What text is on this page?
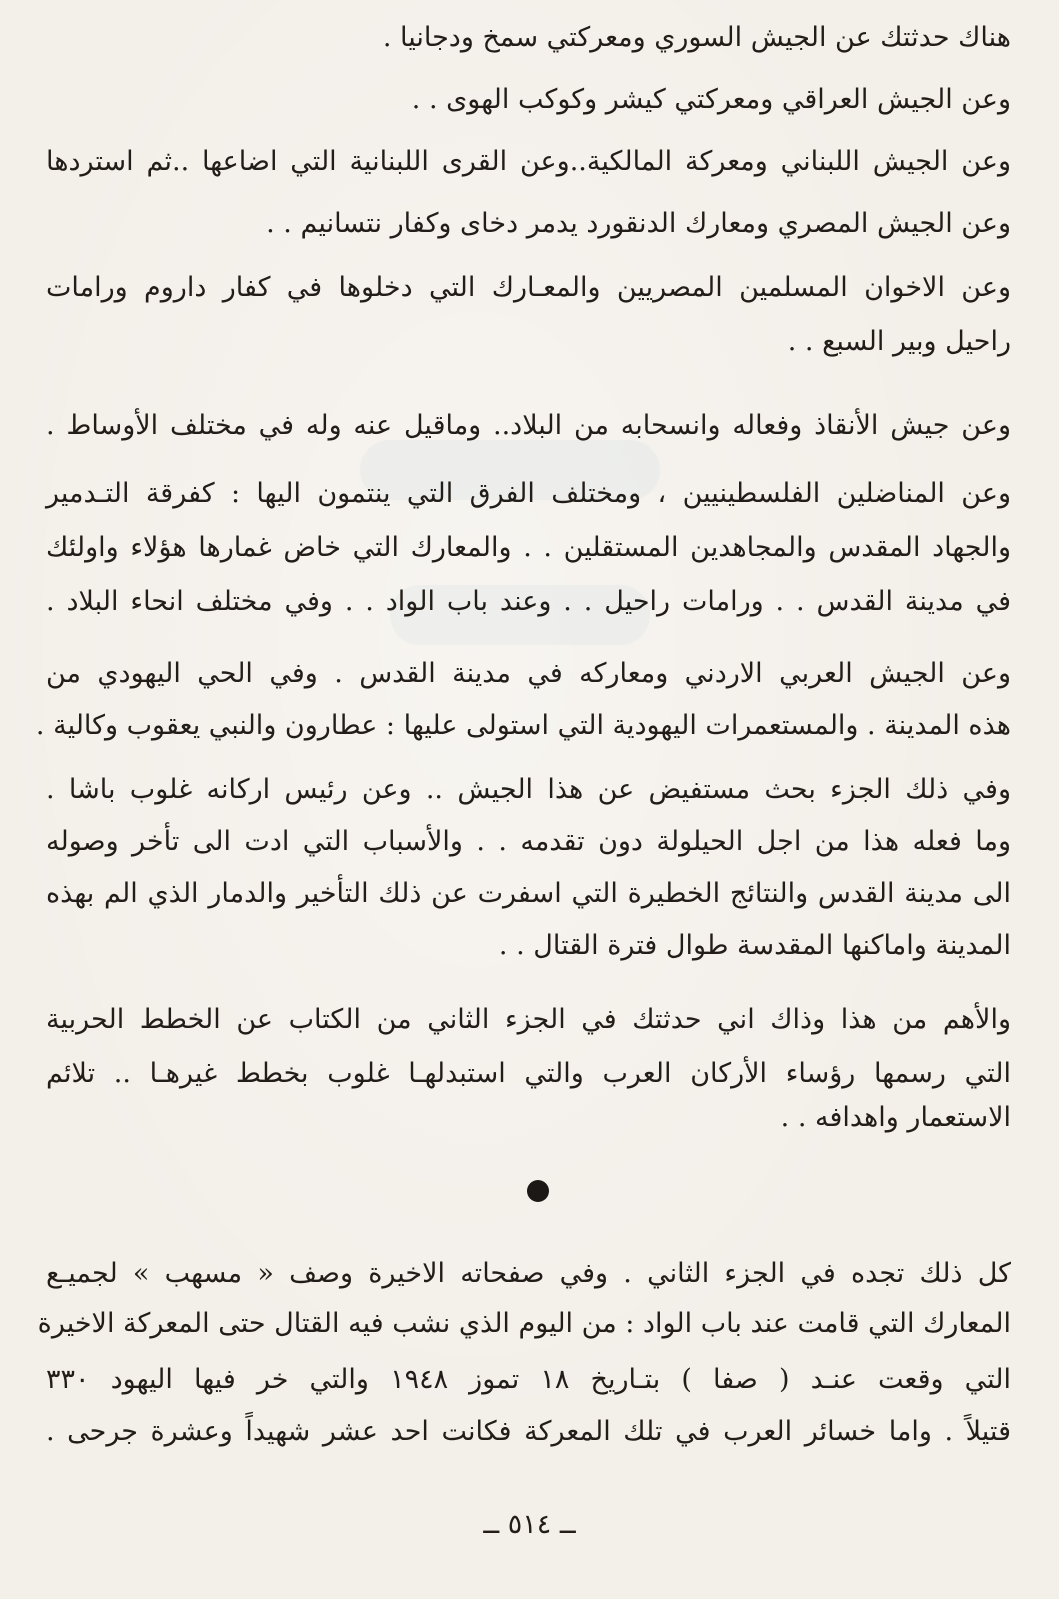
هناك حدثتك عن الجيش السوري ومعركتي سمخ ودجانيا .
وعن الجيش العراقي ومعركتي كيشر وكوكب الهوى . .
وعن الجيش اللبناني ومعركة المالكية..وعن القرى اللبنانية التي اضاعها ..ثم استردها
وعن الجيش المصري ومعارك الدنقورد يدمر دخاى وكفار نتسانيم . .
وعن الاخوان المسلمين المصريين والمعـارك التي دخلوها في كفار داروم ورامات
راحيل وبير السبع . .
وعن جيش الأنقاذ وفعاله وانسحابه من البلاد.. وماقيل عنه وله في مختلف الأوساط .
وعن المناضلين الفلسطينيين ، ومختلف الفرق التي ينتمون اليها : كفرقة التـدمير
والجهاد المقدس والمجاهدين المستقلين . . والمعارك التي خاض غمارها هؤلاء واولئك
في مدينة القدس . . ورامات راحيل . . وعند باب الواد . . وفي مختلف انحاء البلاد .
وعن الجيش العربي الاردني ومعاركه في مدينة القدس . وفي الحي اليهودي من
هذه المدينة . والمستعمرات اليهودية التي استولى عليها : عطارون والنبي يعقوب وكالية .
وفي ذلك الجزء بحث مستفيض عن هذا الجيش .. وعن رئيس اركانه غلوب باشا .
وما فعله هذا من اجل الحيلولة دون تقدمه . . والأسباب التي ادت الى تأخر وصوله
الى مدينة القدس والنتائج الخطيرة التي اسفرت عن ذلك التأخير والدمار الذي الم بهذه
المدينة واماكنها المقدسة طوال فترة القتال . .
والأهم من هذا وذاك اني حدثتك في الجزء الثاني من الكتاب عن الخطط الحربية
التي رسمها رؤساء الأركان العرب والتي استبدلهـا غلوب بخطط غيرهـا .. تلائم
الاستعمار واهدافه . .
كل ذلك تجده في الجزء الثاني . وفي صفحاته الاخيرة وصف « مسهب » لجميـع
المعارك التي قامت عند باب الواد : من اليوم الذي نشب فيه القتال حتى المعركة الاخيرة
التي وقعت عنـد ( صفا ) بتـاريخ ١٨ تموز ١٩٤٨ والتي خر فيها اليهود ٣٣٠
قتيلاً . واما خسائر العرب في تلك المعركة فكانت احد عشر شهيداً وعشرة جرحى .
ــ ٥١٤ ــ
